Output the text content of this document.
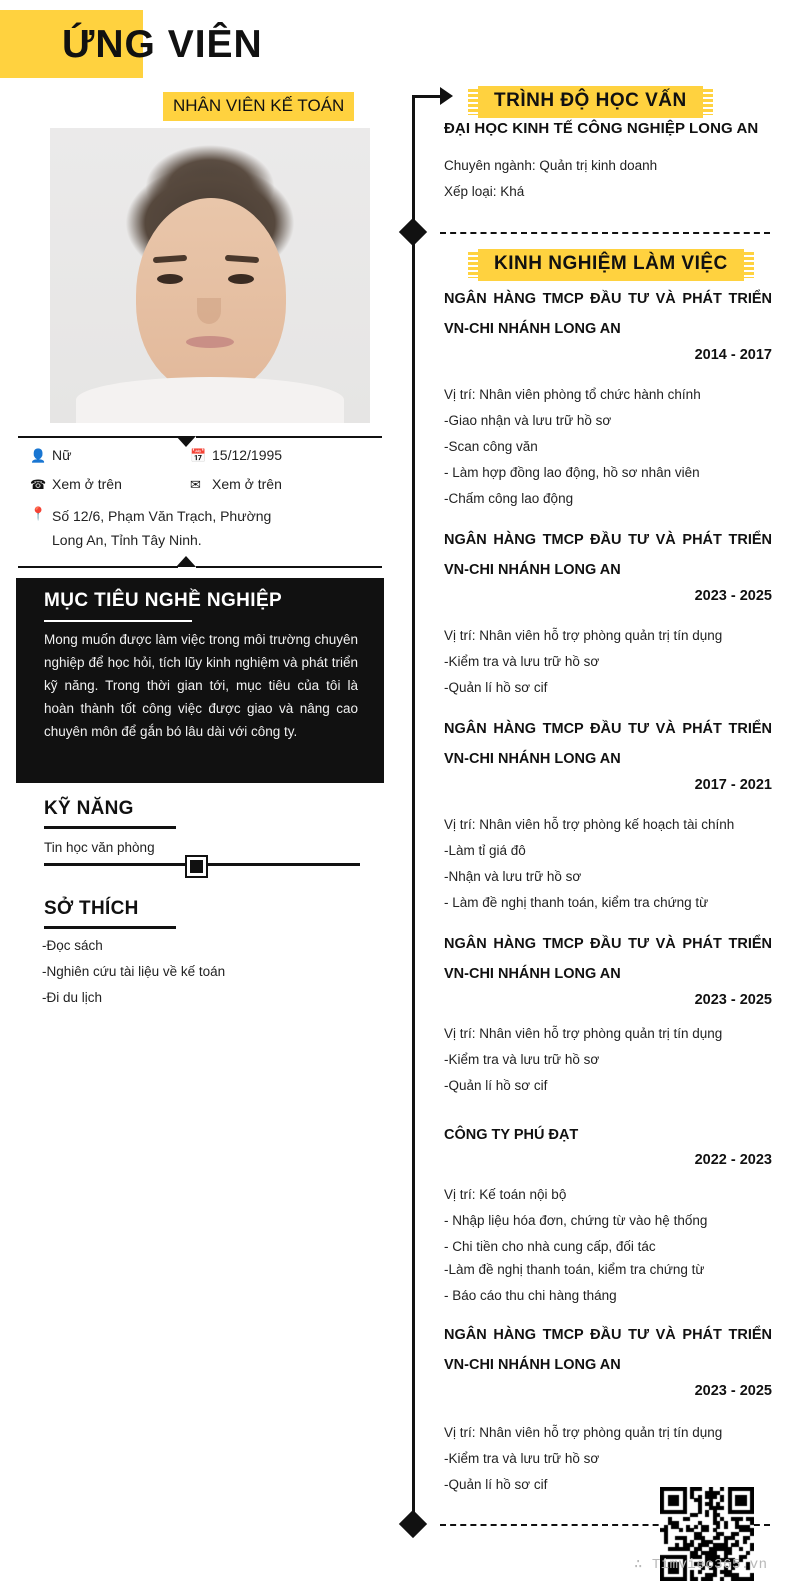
ỨNG VIÊN
NHÂN VIÊN KẾ TOÁN
👤 Nữ	📅 15/12/1995
☎ Xem ở trên	✉ Xem ở trên
📍 Số 12/6, Phạm Văn Trạch, Phường Long An, Tỉnh Tây Ninh.
MỤC TIÊU NGHỀ NGHIỆP
Mong muốn được làm việc trong môi trường chuyên nghiệp để học hỏi, tích lũy kinh nghiệm và phát triển kỹ năng. Trong thời gian tới, mục tiêu của tôi là hoàn thành tốt công việc được giao và nâng cao chuyên môn để gắn bó lâu dài với công ty.
KỸ NĂNG
Tin học văn phòng
SỞ THÍCH
-Đọc sách
-Nghiên cứu tài liệu về kế toán
-Đi du lịch
TRÌNH ĐỘ HỌC VẤN
ĐẠI HỌC KINH TẾ CÔNG NGHIỆP LONG AN
Chuyên ngành: Quản trị kinh doanh
Xếp loại: Khá
KINH NGHIỆM LÀM VIỆC
NGÂN HÀNG TMCP ĐẦU TƯ VÀ PHÁT TRIỂN
VN-CHI NHÁNH LONG AN
2014 - 2017
Vị trí: Nhân viên phòng tổ chức hành chính
-Giao nhận và lưu trữ hồ sơ
-Scan công văn
- Làm hợp đồng lao động, hồ sơ nhân viên
-Chấm công lao động
NGÂN HÀNG TMCP ĐẦU TƯ VÀ PHÁT TRIỂN
VN-CHI NHÁNH LONG AN
2023 - 2025
Vị trí: Nhân viên hỗ trợ phòng quản trị tín dụng
-Kiểm tra và lưu trữ hồ sơ
-Quản lí hồ sơ cif
NGÂN HÀNG TMCP ĐẦU TƯ VÀ PHÁT TRIỂN
VN-CHI NHÁNH LONG AN
2017 - 2021
Vị trí: Nhân viên hỗ trợ phòng kế hoạch tài chính
-Làm tỉ giá đô
-Nhận và lưu trữ hồ sơ
- Làm đề nghị thanh toán, kiểm tra chứng từ
NGÂN HÀNG TMCP ĐẦU TƯ VÀ PHÁT TRIỂN
VN-CHI NHÁNH LONG AN
2023 - 2025
Vị trí: Nhân viên hỗ trợ phòng quản trị tín dụng
-Kiểm tra và lưu trữ hồ sơ
-Quản lí hồ sơ cif
CÔNG TY PHÚ ĐẠT
2022 - 2023
Vị trí: Kế toán nội bộ
- Nhập liệu hóa đơn, chứng từ vào hệ thống
- Chi tiền cho nhà cung cấp, đối tác
-Làm đề nghị thanh toán, kiểm tra chứng từ
- Báo cáo thu chi hàng tháng
NGÂN HÀNG TMCP ĐẦU TƯ VÀ PHÁT TRIỂN
VN-CHI NHÁNH LONG AN
2023 - 2025
Vị trí: Nhân viên hỗ trợ phòng quản trị tín dụng
-Kiểm tra và lưu trữ hồ sơ
-Quản lí hồ sơ cif
∴ Timviec365.vn
